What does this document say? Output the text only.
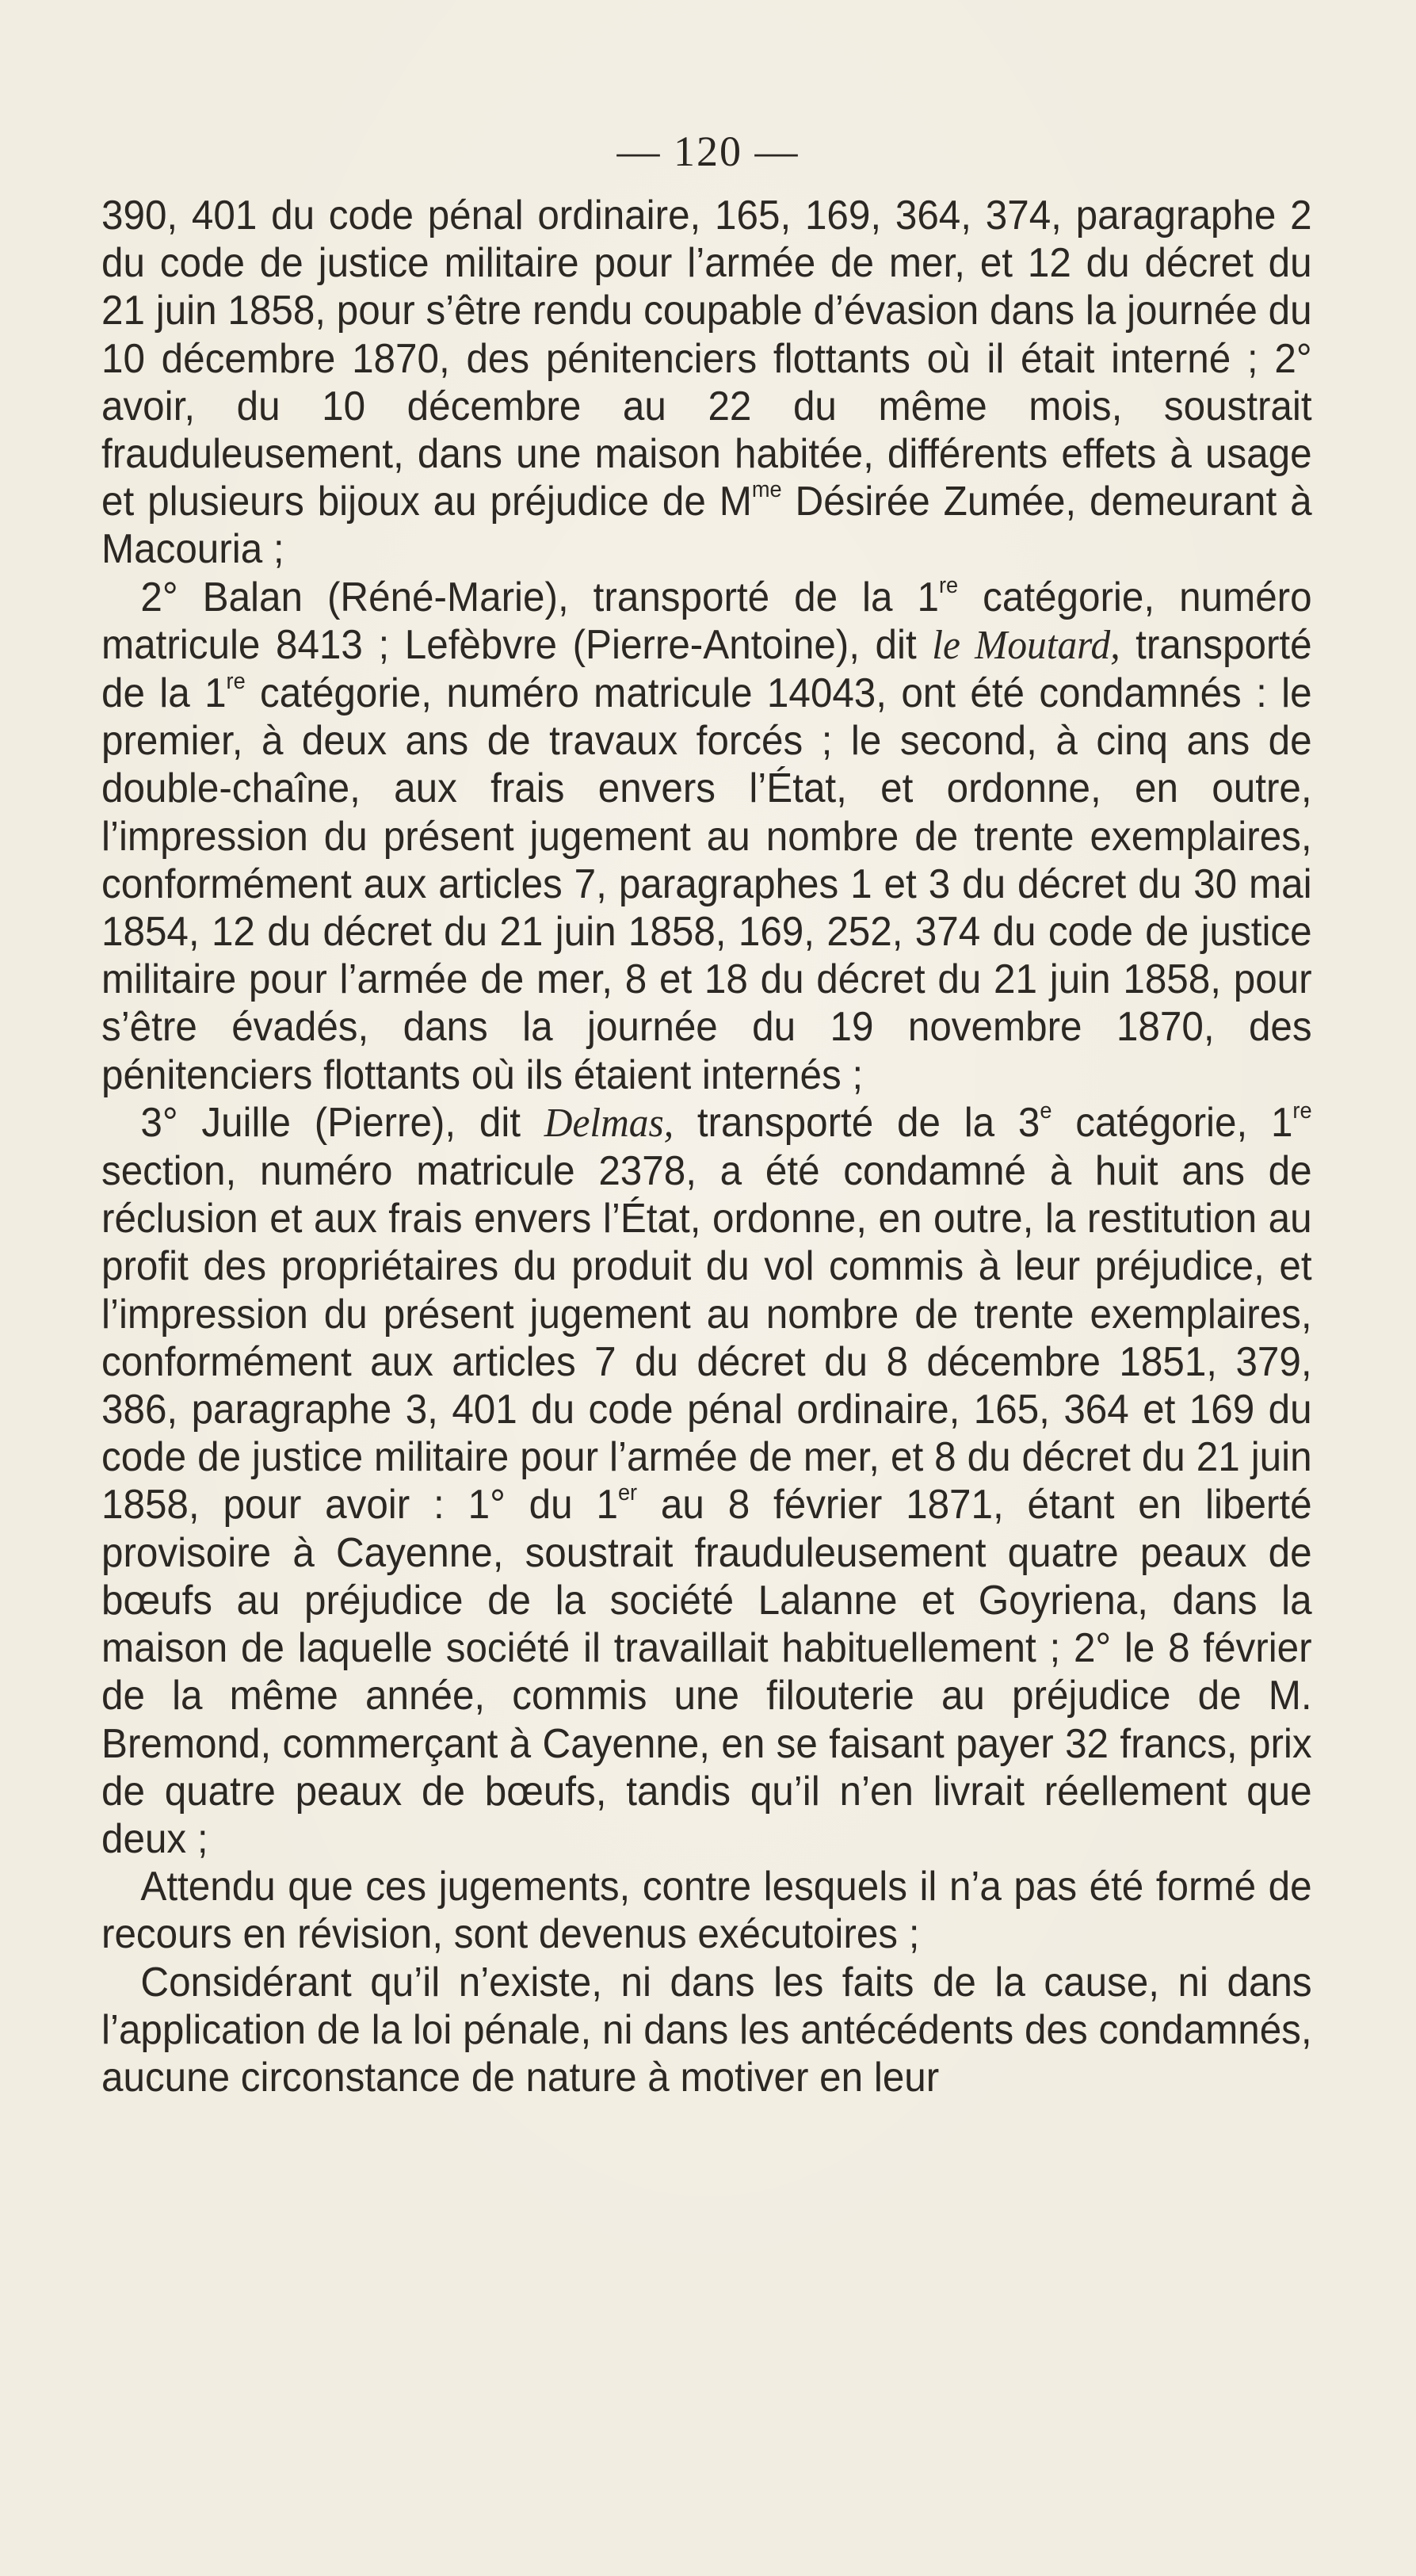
— 120 —

390, 401 du code pénal ordinaire, 165, 169, 364, 374, paragraphe 2 du code de justice militaire pour l’armée de mer, et 12 du décret du 21 juin 1858, pour s’être rendu coupable d’évasion dans la journée du 10 décembre 1870, des pénitenciers flottants où il était interné ; 2° avoir, du 10 décembre au 22 du même mois, soustrait frauduleusement, dans une maison habitée, différents effets à usage et plusieurs bijoux au préjudice de $M^{me}$ Désirée Zumée, demeurant à Macouria ;

2° Balan (Réné-Marie), transporté de la 1re catégorie, numéro matricule 8413 ; Lefèbvre (Pierre-Antoine), dit le Moutard, transporté de la 1re catégorie, numéro matricule 14043, ont été condamnés : le premier, à deux ans de travaux forcés ; le second, à cinq ans de double-chaîne, aux frais envers l’État, et ordonne, en outre, l’impression du présent jugement au nombre de trente exemplaires, conformément aux articles 7, paragraphes 1 et 3 du décret du 30 mai 1854, 12 du décret du 21 juin 1858, 169, 252, 374 du code de justice militaire pour l’armée de mer, 8 et 18 du décret du 21 juin 1858, pour s’être évadés, dans la journée du 19 novembre 1870, des pénitenciers flottants où ils étaient internés ;

3° Juille (Pierre), dit Delmas, transporté de la 3e catégorie, 1re section, numéro matricule 2378, a été condamné à huit ans de réclusion et aux frais envers l’État, ordonne, en outre, la restitution au profit des propriétaires du produit du vol commis à leur préjudice, et l’impression du présent jugement au nombre de trente exemplaires, conformément aux articles 7 du décret du 8 décembre 1851, 379, 386, paragraphe 3, 401 du code pénal ordinaire, 165, 364 et 169 du code de justice militaire pour l’armée de mer, et 8 du décret du 21 juin 1858, pour avoir : 1° du 1er au 8 février 1871, étant en liberté provisoire à Cayenne, soustrait frauduleusement quatre peaux de bœufs au préjudice de la société Lalanne et Goyriena, dans la maison de laquelle société il travaillait habituellement ; 2° le 8 février de la même année, commis une filouterie au préjudice de M. Bremond, commerçant à Cayenne, en se faisant payer 32 francs, prix de quatre peaux de bœufs, tandis qu’il n’en livrait réellement que deux ;

Attendu que ces jugements, contre lesquels il n’a pas été formé de recours en révision, sont devenus exécutoires ;

Considérant qu’il n’existe, ni dans les faits de la cause, ni dans l’application de la loi pénale, ni dans les antécédents des condamnés, aucune circonstance de nature à motiver en leur
